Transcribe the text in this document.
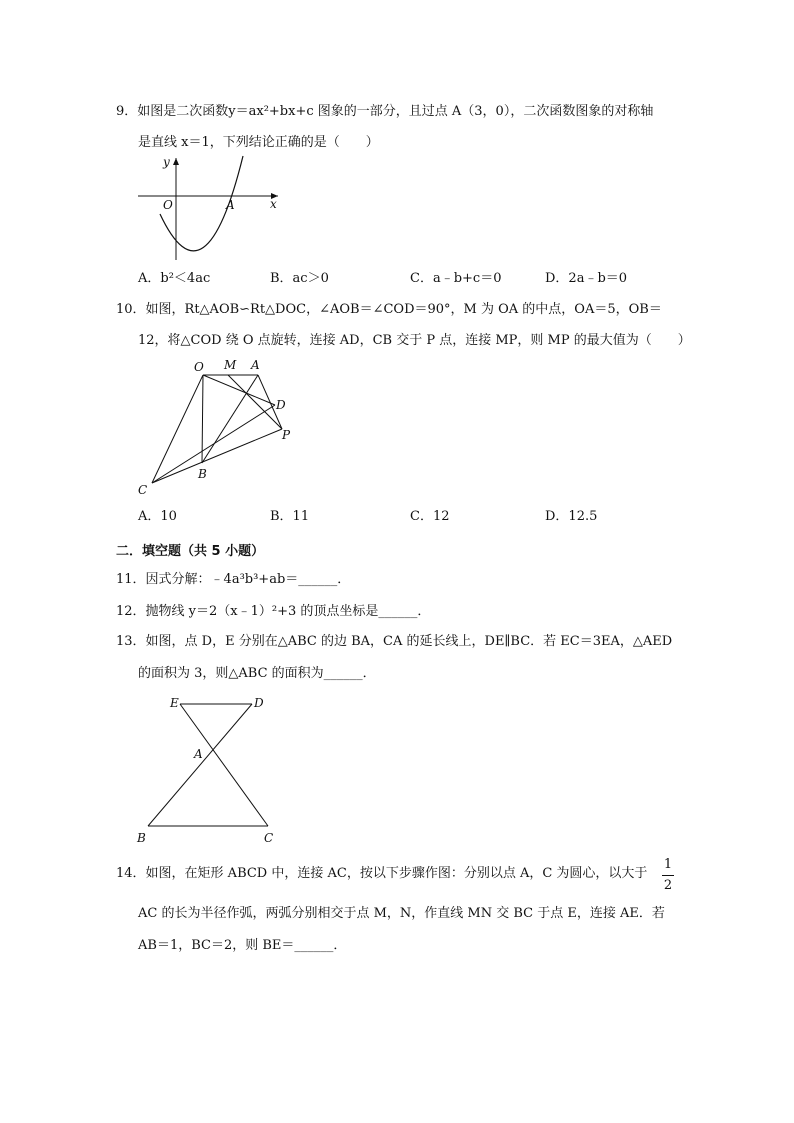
9．如图是二次函数y＝ax²+bx+c 图象的一部分，且过点 A（3，0），二次函数图象的对称轴
是直线 x＝1，下列结论正确的是（　　）
y
x
O	A
A．b²＜4ac	B．ac＞0	C．a﹣b+c＝0	D．2a﹣b＝0
10．如图，Rt△AOB∽Rt△DOC，∠AOB＝∠COD＝90°，M 为 OA 的中点，OA＝5，OB＝
12，将△COD 绕 O 点旋转，连接 AD，CB 交于 P 点，连接 MP，则 MP 的最大值为（　　）
O M A
D
P
B
C
A．10	B．11	C．12	D．12.5
二．填空题（共 5 小题）
11．因式分解：﹣4a³b³+ab＝______．
12．抛物线 y＝2（x﹣1）²+3 的顶点坐标是______．
13．如图，点 D，E 分别在△ABC 的边 BA，CA 的延长线上，DE∥BC．若 EC＝3EA，△AED
的面积为 3，则△ABC 的面积为______．
E	D
A
B	C
14．如图，在矩形 ABCD 中，连接 AC，按以下步骤作图：分别以点 A，C 为圆心，以大于
1
2
AC 的长为半径作弧，两弧分别相交于点 M，N，作直线 MN 交 BC 于点 E，连接 AE．若
AB＝1，BC＝2，则 BE＝______．
